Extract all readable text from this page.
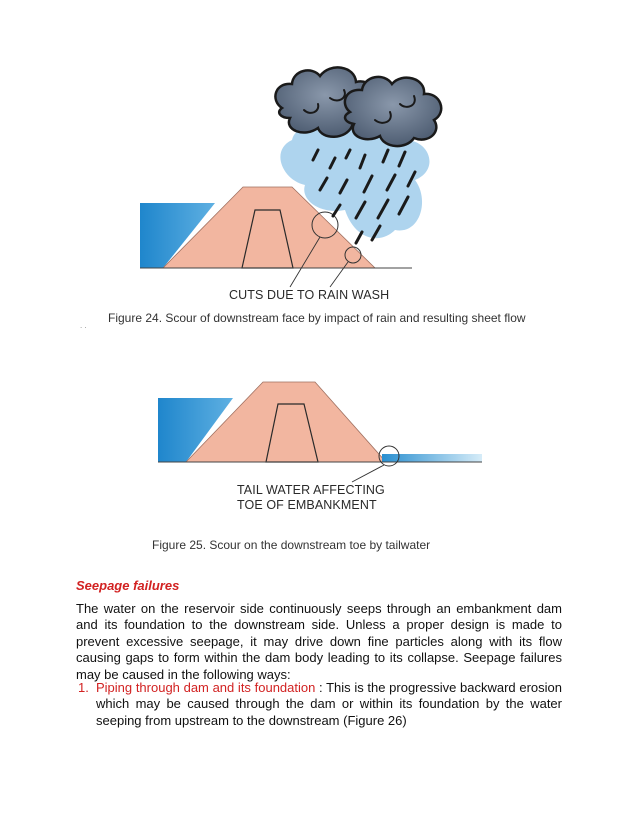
CUTS DUE TO RAIN WASH
. .
Figure 24. Scour of downstream face by impact of rain and resulting sheet flow
TAIL WATER AFFECTING
TOE OF EMBANKMENT
Figure 25. Scour on the downstream toe by tailwater
Seepage failures
The water on the reservoir side continuously seeps through an embankment dam and its foundation to the downstream side. Unless a proper design is made to prevent excessive seepage, it may drive down fine particles along with its flow causing gaps to form within the dam body leading to its collapse. Seepage failures may be caused in the following ways:
1. Piping through dam and its foundation : This is the progressive backward erosion which may be caused through the dam or within its foundation by the water seeping from upstream to the downstream (Figure 26)
